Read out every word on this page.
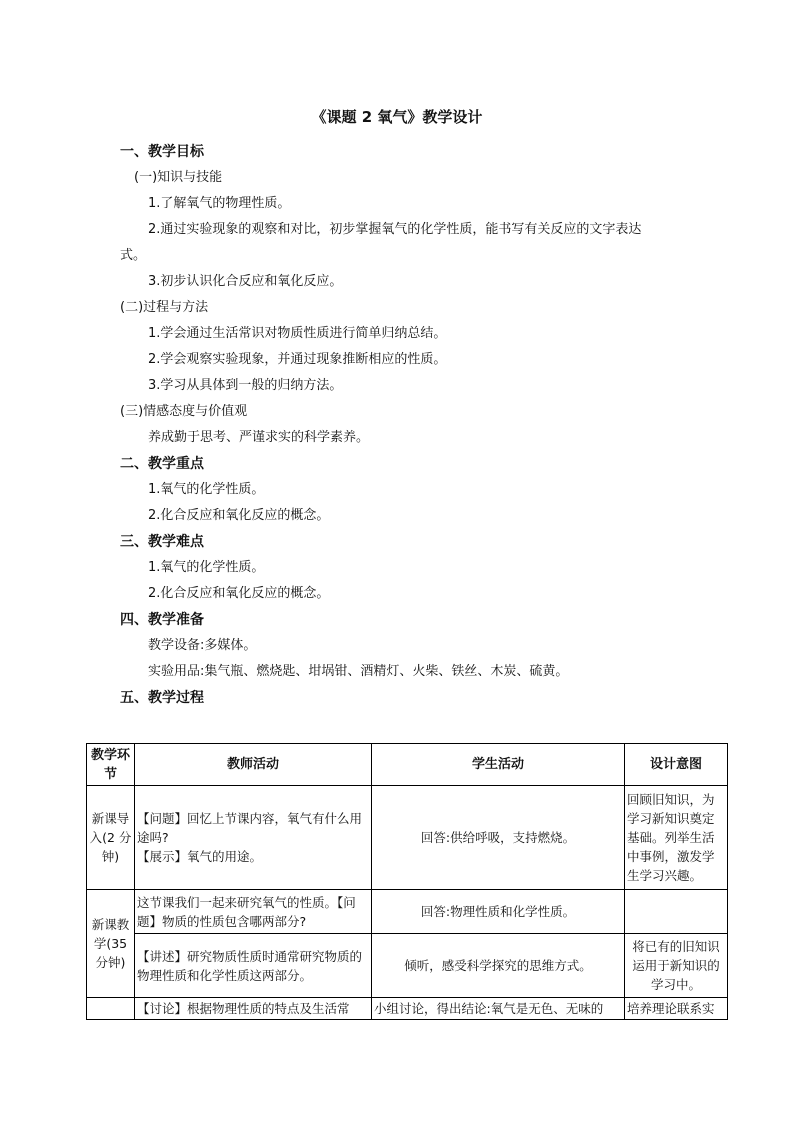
《课题 2 氧气》教学设计
一、教学目标
(一)知识与技能
1.了解氧气的物理性质。
2.通过实验现象的观察和对比，初步掌握氧气的化学性质，能书写有关反应的文字表达
式。
3.初步认识化合反应和氧化反应。
(二)过程与方法
1.学会通过生活常识对物质性质进行简单归纳总结。
2.学会观察实验现象，并通过现象推断相应的性质。
3.学习从具体到一般的归纳方法。
(三)情感态度与价值观
养成勤于思考、严谨求实的科学素养。
二、教学重点
1.氧气的化学性质。
2.化合反应和氧化反应的概念。
三、教学难点
1.氧气的化学性质。
2.化合反应和氧化反应的概念。
四、教学准备
教学设备:多媒体。
实验用品:集气瓶、燃烧匙、坩埚钳、酒精灯、火柴、铁丝、木炭、硫黄。
五、教学过程
教学环节	教师活动	学生活动	设计意图
新课导入(2 分钟)	【问题】回忆上节课内容，氧气有什么用途吗?
【展示】氧气的用途。	回答:供给呼吸，支持燃烧。	回顾旧知识，为学习新知识奠定基础。列举生活中事例，激发学生学习兴趣。
新课教学(35 分钟)	这节课我们一起来研究氧气的性质。【问题】物质的性质包含哪两部分?	回答:物理性质和化学性质。	
	【讲述】研究物质性质时通常研究物质的物理性质和化学性质这两部分。	倾听，感受科学探究的思维方式。	将已有的旧知识运用于新知识的学习中。
	【讨论】根据物理性质的特点及生活常	小组讨论，得出结论:氧气是无色、无味的	培养理论联系实
